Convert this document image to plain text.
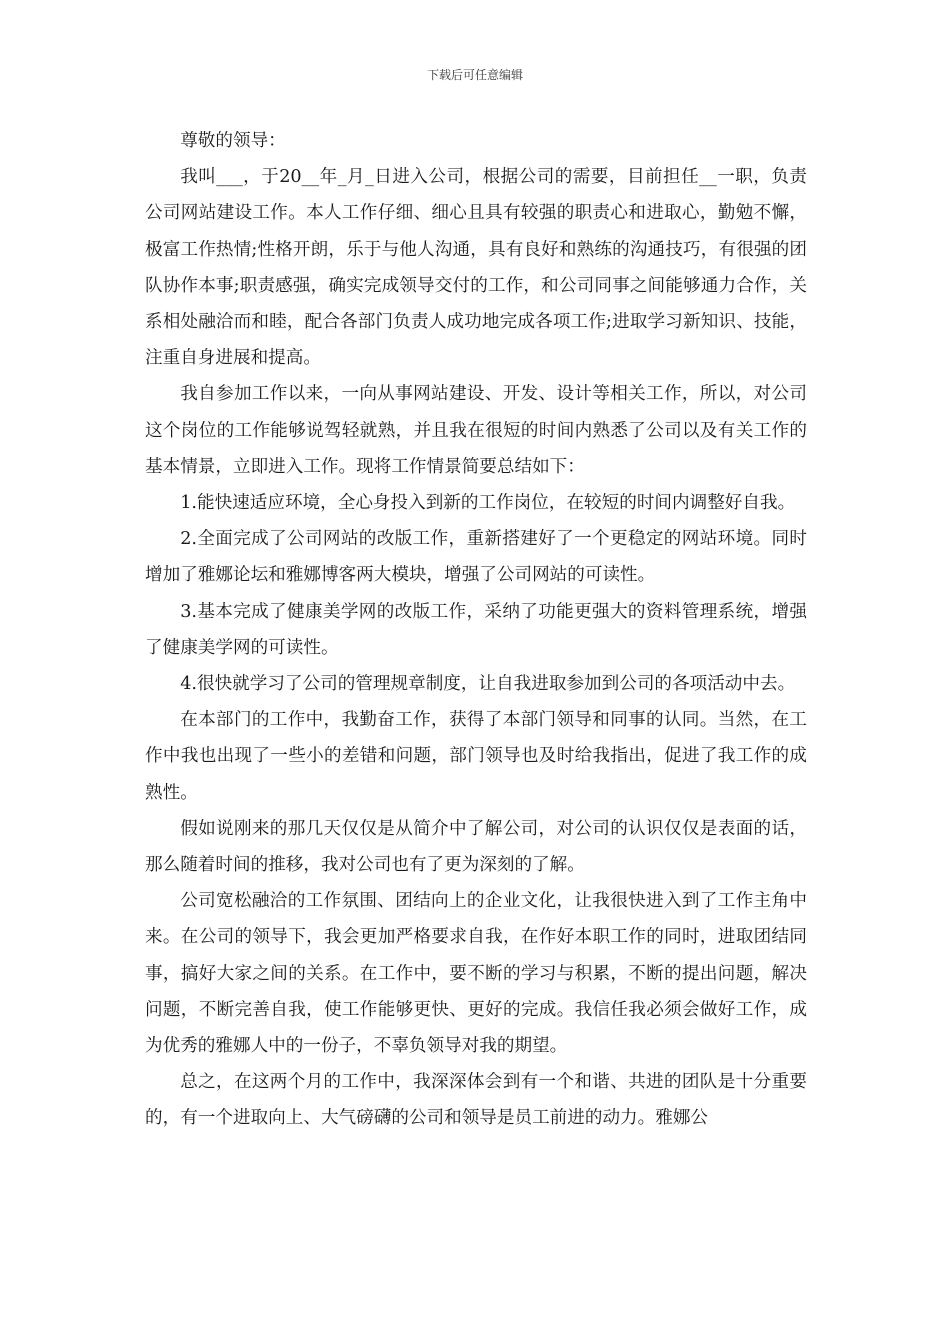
下载后可任意编辑

尊敬的领导：

我叫___，于20__年_月_日进入公司，根据公司的需要，目前担任__一职，负责公司网站建设工作。本人工作仔细、细心且具有较强的职责心和进取心，勤勉不懈，极富工作热情;性格开朗，乐于与他人沟通，具有良好和熟练的沟通技巧，有很强的团队协作本事;职责感强，确实完成领导交付的工作，和公司同事之间能够通力合作，关系相处融洽而和睦，配合各部门负责人成功地完成各项工作;进取学习新知识、技能，注重自身进展和提高。

我自参加工作以来，一向从事网站建设、开发、设计等相关工作，所以，对公司这个岗位的工作能够说驾轻就熟，并且我在很短的时间内熟悉了公司以及有关工作的基本情景，立即进入工作。现将工作情景简要总结如下：

1.能快速适应环境，全心身投入到新的工作岗位，在较短的时间内调整好自我。

2.全面完成了公司网站的改版工作，重新搭建好了一个更稳定的网站环境。同时增加了雅娜论坛和雅娜博客两大模块，增强了公司网站的可读性。

3.基本完成了健康美学网的改版工作，采纳了功能更强大的资料管理系统，增强了健康美学网的可读性。

4.很快就学习了公司的管理规章制度，让自我进取参加到公司的各项活动中去。

在本部门的工作中，我勤奋工作，获得了本部门领导和同事的认同。当然，在工作中我也出现了一些小的差错和问题，部门领导也及时给我指出，促进了我工作的成熟性。

假如说刚来的那几天仅仅是从简介中了解公司，对公司的认识仅仅是表面的话，那么随着时间的推移，我对公司也有了更为深刻的了解。

公司宽松融洽的工作氛围、团结向上的企业文化，让我很快进入到了工作主角中来。在公司的领导下，我会更加严格要求自我，在作好本职工作的同时，进取团结同事，搞好大家之间的关系。在工作中，要不断的学习与积累，不断的提出问题，解决问题，不断完善自我，使工作能够更快、更好的完成。我信任我必须会做好工作，成为优秀的雅娜人中的一份子，不辜负领导对我的期望。

总之，在这两个月的工作中，我深深体会到有一个和谐、共进的团队是十分重要的，有一个进取向上、大气磅礴的公司和领导是员工前进的动力。雅娜公
